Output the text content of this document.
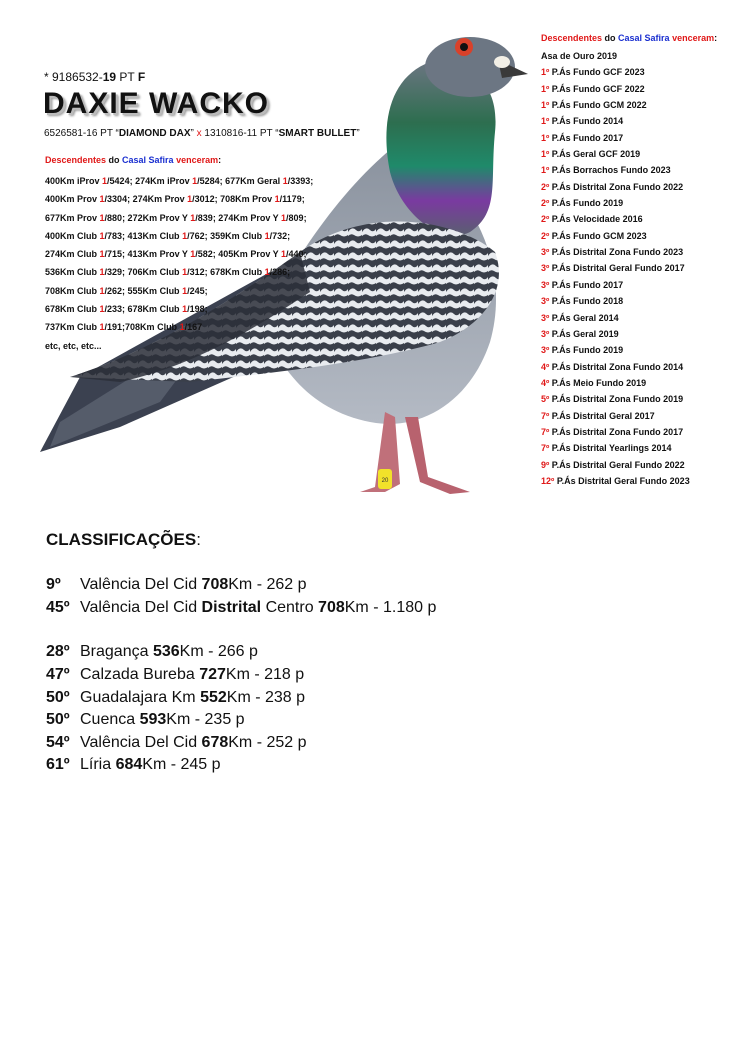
20
* 9186532-19 PT F
DAXIE WACKO
6526581-16 PT “DIAMOND DAX” x 1310816-11 PT “SMART BULLET”
Descendentes do Casal Safira venceram:
400Km iProv 1/5424; 274Km iProv 1/5284; 677Km Geral 1/3393;
400Km Prov 1/3304; 274Km Prov 1/3012; 708Km Prov 1/1179;
677Km Prov 1/880; 272Km Prov Y 1/839; 274Km Prov Y 1/809;
400Km Club 1/783; 413Km Club 1/762; 359Km Club 1/732;
274Km Club 1/715; 413Km Prov Y 1/582; 405Km Prov Y 1/440;
536Km Club 1/329; 706Km Club 1/312; 678Km Club 1/286;
708Km Club 1/262; 555Km Club 1/245;
678Km Club 1/233; 678Km Club 1/198;
737Km Club 1/191;708Km Club 1/167
etc, etc, etc...
Descendentes do Casal Safira venceram:
Asa de Ouro 2019
1º P.Ás Fundo GCF 2023
1º P.Ás Fundo GCF 2022
1º P.Ás Fundo GCM 2022
1º P.Ás Fundo 2014
1º P.Ás Fundo 2017
1º P.Ás Geral GCF 2019
1º P.Ás Borrachos Fundo 2023
2º P.Ás Distrital Zona Fundo 2022
2º P.Ás Fundo 2019
2º P.Ás Velocidade 2016
2º P.Ás Fundo GCM 2023
3º P.Ás Distrital Zona Fundo 2023
3º P.Ás Distrital Geral Fundo 2017
3º P.Ás Fundo 2017
3º P.Ás Fundo 2018
3º P.Ás Geral 2014
3º P.Ás Geral 2019
3º P.Ás Fundo 2019
4º P.Ás Distrital Zona Fundo 2014
4º P.Ás Meio Fundo 2019
5º P.Ás Distrital Zona Fundo 2019
7º P.Ás Distrital Geral 2017
7º P.Ás Distrital Zona Fundo 2017
7º P.Ás Distrital Yearlings 2014
9º P.Ás Distrital Geral Fundo 2022
12º P.Ás Distrital Geral Fundo 2023
CLASSIFICAÇÕES:
9º	Valência Del Cid 708Km - 262 p
45º Valência Del Cid Distrital Centro 708Km - 1.180 p
28º Bragança 536Km - 266 p
47º Calzada Bureba 727Km - 218 p
50º Guadalajara Km 552Km - 238 p
50º Cuenca 593Km - 235 p
54º Valência Del Cid 678Km - 252 p
61º Líria 684Km - 245 p
